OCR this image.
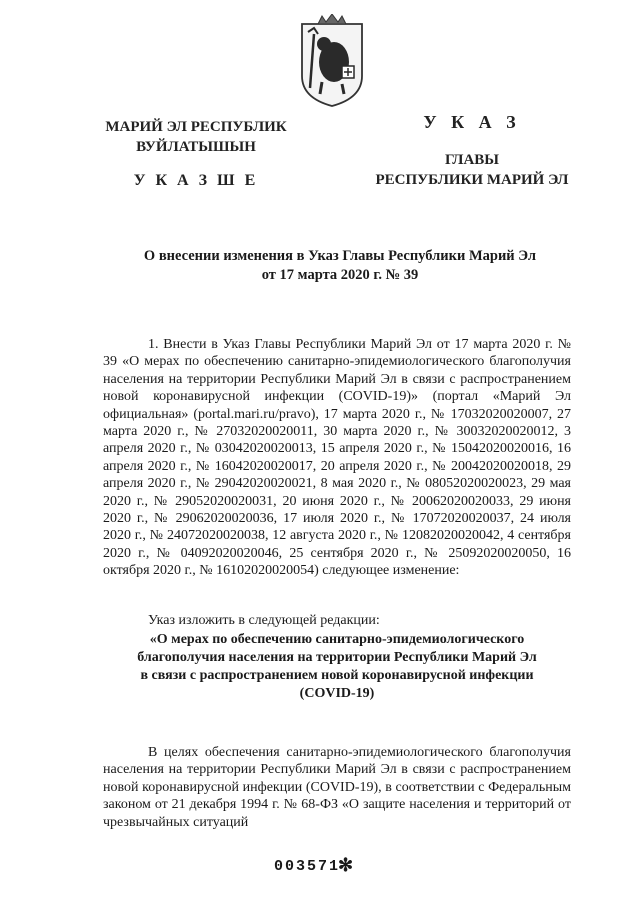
МАРИЙ ЭЛ РЕСПУБЛИК
ВУЙЛАТЫШЫН
У К А З Ш Е
У К А З
ГЛАВЫ
РЕСПУБЛИКИ МАРИЙ ЭЛ
О внесении изменения в Указ Главы Республики Марий Эл
от 17 марта 2020 г. № 39
1. Внести в Указ Главы Республики Марий Эл от 17 марта 2020 г. № 39 «О мерах по обеспечению санитарно-эпидемиологического благополучия населения на территории Республики Марий Эл в связи с распространением новой коронавирусной инфекции (COVID-19)» (портал «Марий Эл официальная» (portal.mari.ru/pravo), 17 марта 2020 г., № 17032020020007, 27 марта 2020 г., № 27032020020011, 30 марта 2020 г., № 30032020020012, 3 апреля 2020 г., № 03042020020013, 15 апреля 2020 г., № 15042020020016, 16 апреля 2020 г., № 16042020020017, 20 апреля 2020 г., № 20042020020018, 29 апреля 2020 г., № 29042020020021, 8 мая 2020 г., № 08052020020023, 29 мая 2020 г., № 29052020020031, 20 июня 2020 г., № 20062020020033, 29 июня 2020 г., № 29062020020036, 17 июля 2020 г., № 17072020020037, 24 июля 2020 г., № 24072020020038, 12 августа 2020 г., № 12082020020042, 4 сентября 2020 г., № 04092020020046, 25 сентября 2020 г., № 25092020020050, 16 октября 2020 г., № 16102020020054) следующее изменение:
Указ изложить в следующей редакции:
«О мерах по обеспечению санитарно-эпидемиологического
благополучия населения на территории Республики Марий Эл
в связи с распространением новой коронавирусной инфекции
(COVID-19)
В целях обеспечения санитарно-эпидемиологического благополучия населения на территории Республики Марий Эл в связи с распространением новой коронавирусной инфекции (COVID-19), в соответствии с Федеральным законом от 21 декабря 1994 г. № 68-ФЗ «О защите населения и территорий от чрезвычайных ситуаций
003571
✻
